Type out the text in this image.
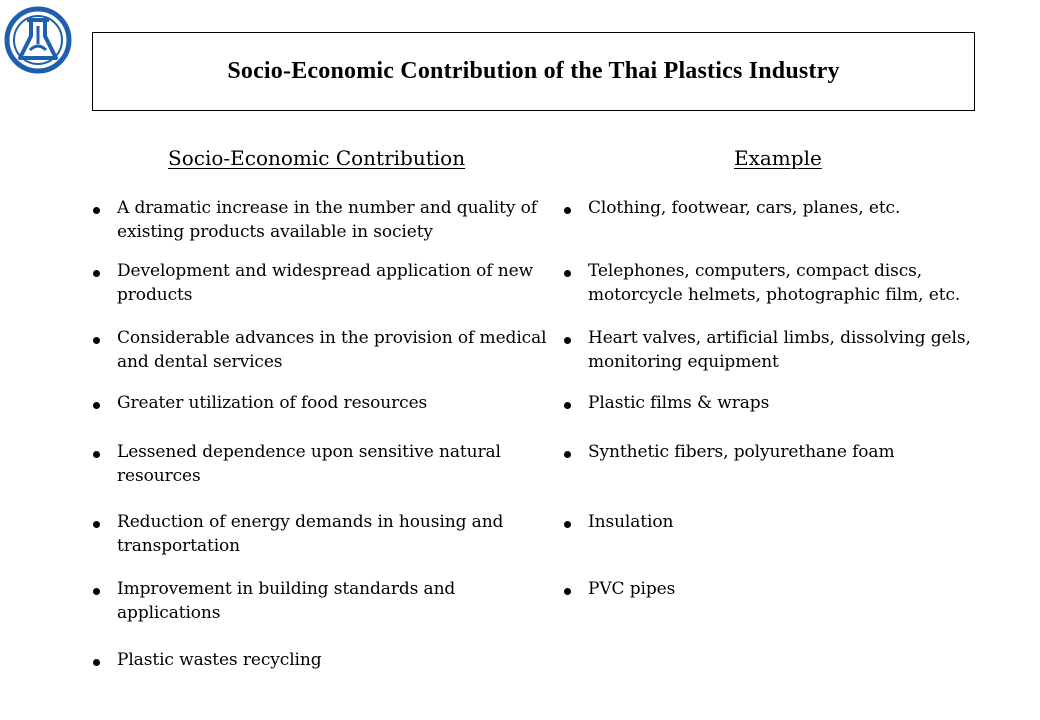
Socio-Economic Contribution of the Thai Plastics Industry
Socio-Economic Contribution	Example
A dramatic increase in the number and quality of
existing products available in society
Clothing, footwear, cars, planes, etc.
Development and widespread application of new
products
Telephones, computers, compact discs,
motorcycle helmets, photographic film, etc.
Considerable advances in the provision of medical
and dental services
Heart valves, artificial limbs, dissolving gels,
monitoring equipment
Greater utilization of food resources	Plastic films & wraps
Lessened dependence upon sensitive natural
resources
Synthetic fibers, polyurethane foam
Reduction of energy demands in housing and
transportation
Insulation
Improvement in building standards and
applications
PVC pipes
Plastic wastes recycling
